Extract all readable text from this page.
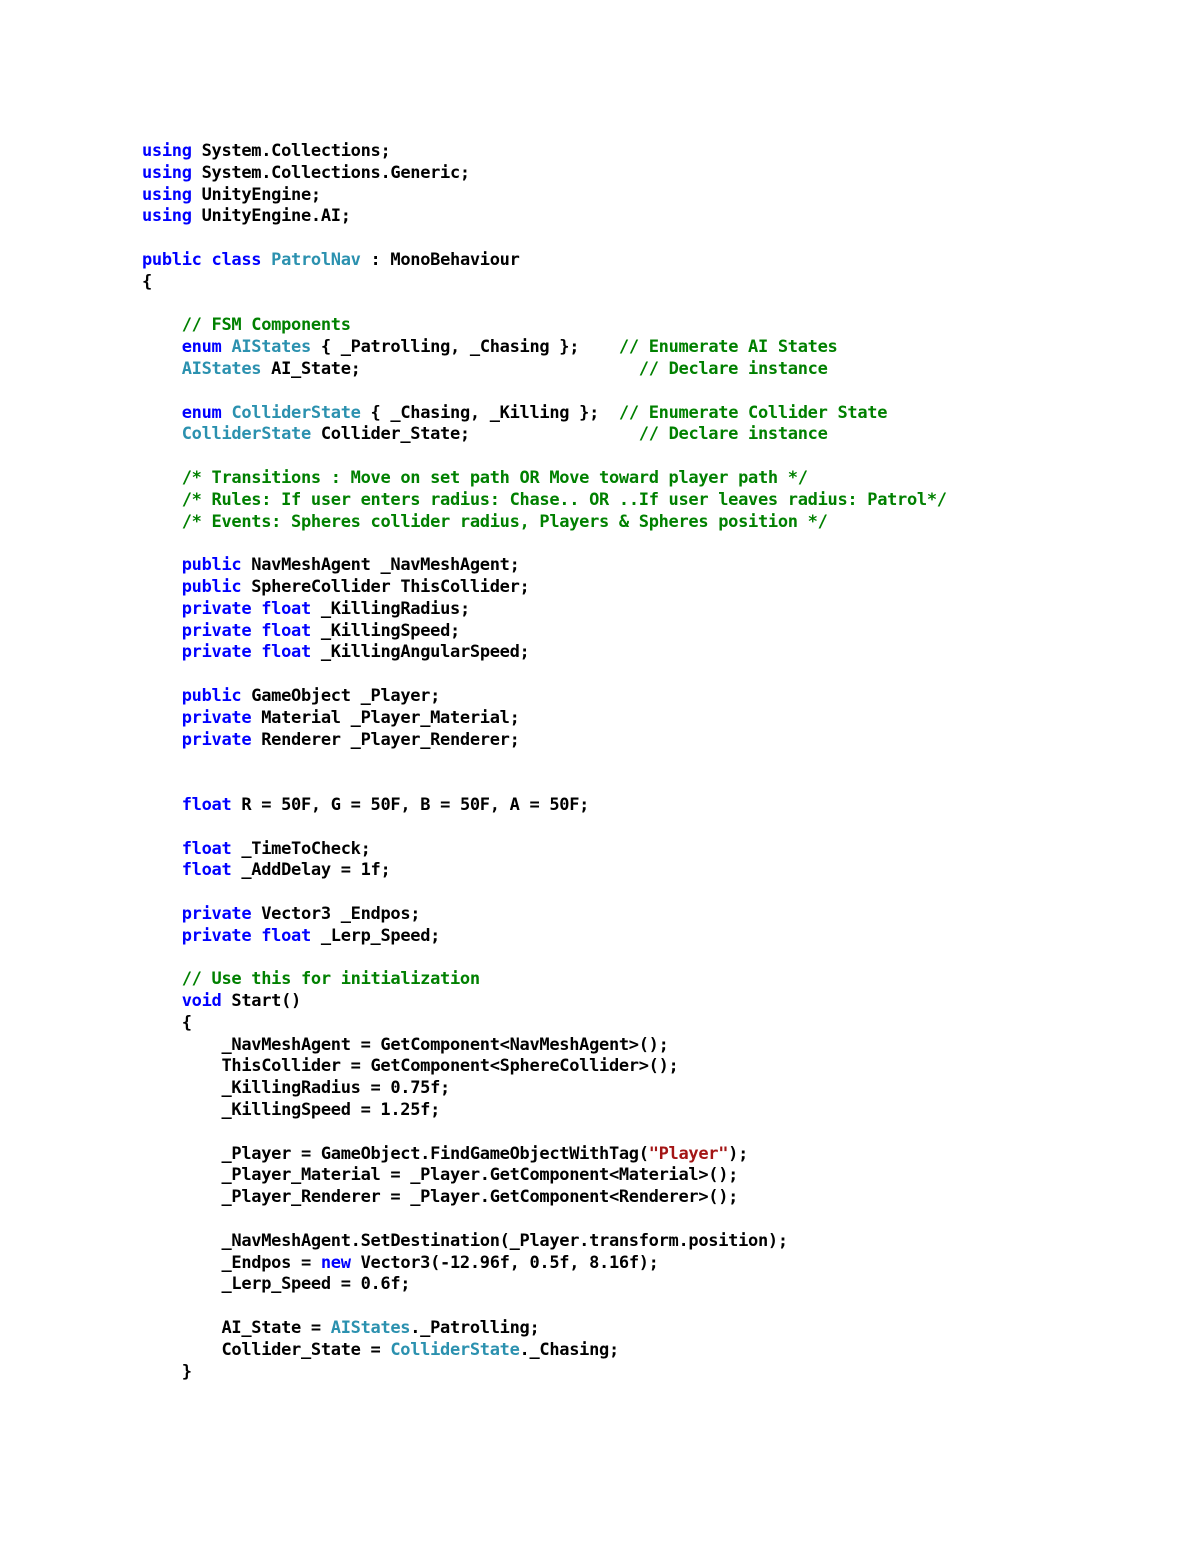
using System.Collections;
using System.Collections.Generic;
using UnityEngine;
using UnityEngine.AI;

public class PatrolNav : MonoBehaviour
{

// FSM Components
enum AIStates { _Patrolling, _Chasing };    // Enumerate AI States
AIStates AI_State;                            // Declare instance

enum ColliderState { _Chasing, _Killing };  // Enumerate Collider State
ColliderState Collider_State;                 // Declare instance

/* Transitions : Move on set path OR Move toward player path */
/* Rules: If user enters radius: Chase.. OR ..If user leaves radius: Patrol*/
/* Events: Spheres collider radius, Players & Spheres position */

public NavMeshAgent _NavMeshAgent;
public SphereCollider ThisCollider;
private float _KillingRadius;
private float _KillingSpeed;
private float _KillingAngularSpeed;

public GameObject _Player;
private Material _Player_Material;
private Renderer _Player_Renderer;

float R = 50F, G = 50F, B = 50F, A = 50F;

float _TimeToCheck;
float _AddDelay = 1f;

private Vector3 _Endpos;
private float _Lerp_Speed;

// Use this for initialization
void Start()
{
_NavMeshAgent = GetComponent<NavMeshAgent>();
ThisCollider = GetComponent<SphereCollider>();
_KillingRadius = 0.75f;
_KillingSpeed = 1.25f;

_Player = GameObject.FindGameObjectWithTag("Player");
_Player_Material = _Player.GetComponent<Material>();
_Player_Renderer = _Player.GetComponent<Renderer>();

_NavMeshAgent.SetDestination(_Player.transform.position);
_Endpos = new Vector3(-12.96f, 0.5f, 8.16f);
_Lerp_Speed = 0.6f;

AI_State = AIStates._Patrolling;
Collider_State = ColliderState._Chasing;
}
